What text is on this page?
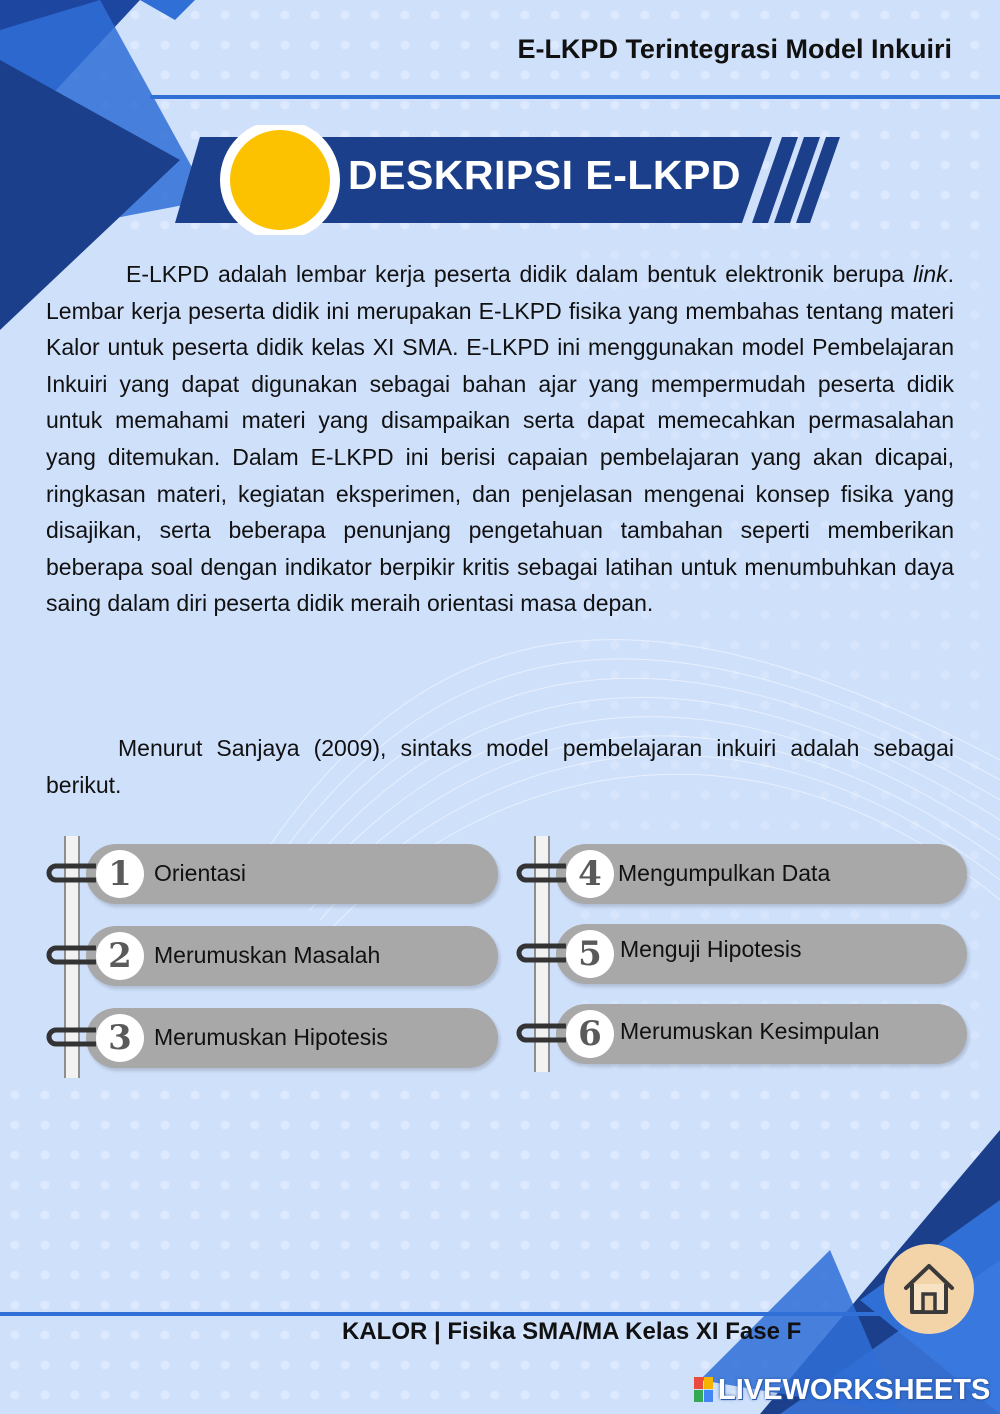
E-LKPD Terintegrasi Model Inkuiri
DESKRIPSI E-LKPD
E-LKPD adalah lembar kerja peserta didik dalam bentuk elektronik berupa link. Lembar kerja peserta didik ini merupakan E-LKPD fisika yang membahas tentang materi Kalor untuk peserta didik kelas XI SMA. E-LKPD ini menggunakan model Pembelajaran Inkuiri yang dapat digunakan sebagai bahan ajar yang mempermudah peserta didik untuk memahami materi yang disampaikan serta dapat memecahkan permasalahan yang ditemukan. Dalam E-LKPD ini berisi capaian pembelajaran yang akan dicapai, ringkasan materi, kegiatan eksperimen, dan penjelasan mengenai konsep fisika yang disajikan, serta beberapa penunjang pengetahuan tambahan seperti memberikan beberapa soal dengan indikator berpikir kritis sebagai latihan untuk menumbuhkan daya saing dalam diri peserta didik meraih orientasi masa depan.
Menurut Sanjaya (2009), sintaks model pembelajaran inkuiri adalah sebagai berikut.
1 Orientasi
2 Merumuskan Masalah
3 Merumuskan Hipotesis
4 Mengumpulkan Data
5 Menguji Hipotesis
6 Merumuskan Kesimpulan
KALOR | Fisika SMA/MA Kelas XI Fase F
LIVEWORKSHEETS
